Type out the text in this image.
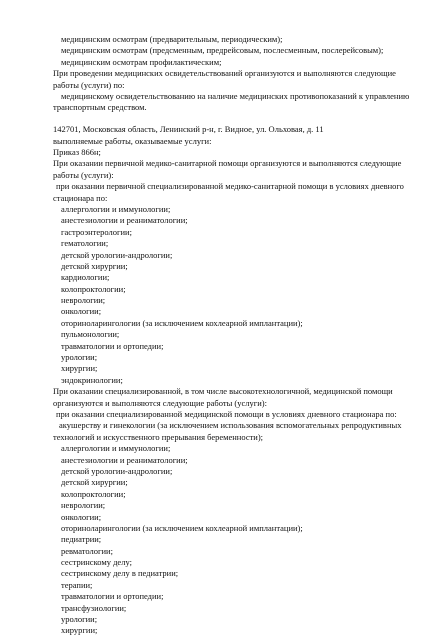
медицинским осмотрам (предварительным, периодическим);
медицинским осмотрам (предсменным, предрейсовым, послесменным, послерейсовым);
медицинским осмотрам профилактическим;
При проведении медицинских освидетельствований организуются и выполняются следующие
работы (услуги) по:
медицинскому освидетельствованию на наличие медицинских противопоказаний к управлению
транспортным средством.
142701, Московская область, Ленинский р-н, г. Видное, ул. Ольховая, д. 11
выполняемые работы, оказываемые услуги:
Приказ 866н;
При оказании первичной медико-санитарной помощи организуются и выполняются следующие
работы (услуги):
при оказании первичной специализированной медико-санитарной помощи в условиях дневного
стационара по:
аллергологии и иммунологии;
анестезиологии и реаниматологии;
гастроэнтерологии;
гематологии;
детской урологии-андрологии;
детской хирургии;
кардиологии;
колопроктологии;
неврологии;
онкологии;
оториноларингологии (за исключением кохлеарной имплантации);
пульмонологии;
травматологии и ортопедии;
урологии;
хирургии;
эндокринологии;
При оказании специализированной, в том числе высокотехнологичной, медицинской помощи
организуются и выполняются следующие работы (услуги):
при оказании специализированной медицинской помощи в условиях дневного стационара по:
акушерству и гинекологии (за исключением использования вспомогательных репродуктивных
технологий и искусственного прерывания беременности);
аллергологии и иммунологии;
анестезиологии и реаниматологии;
детской урологии-андрологии;
детской хирургии;
колопроктологии;
неврологии;
онкологии;
оториноларингологии (за исключением кохлеарной имплантации);
педиатрии;
ревматологии;
сестринскому делу;
сестринскому делу в педиатрии;
терапии;
травматологии и ортопедии;
трансфузиологии;
урологии;
хирургии;
